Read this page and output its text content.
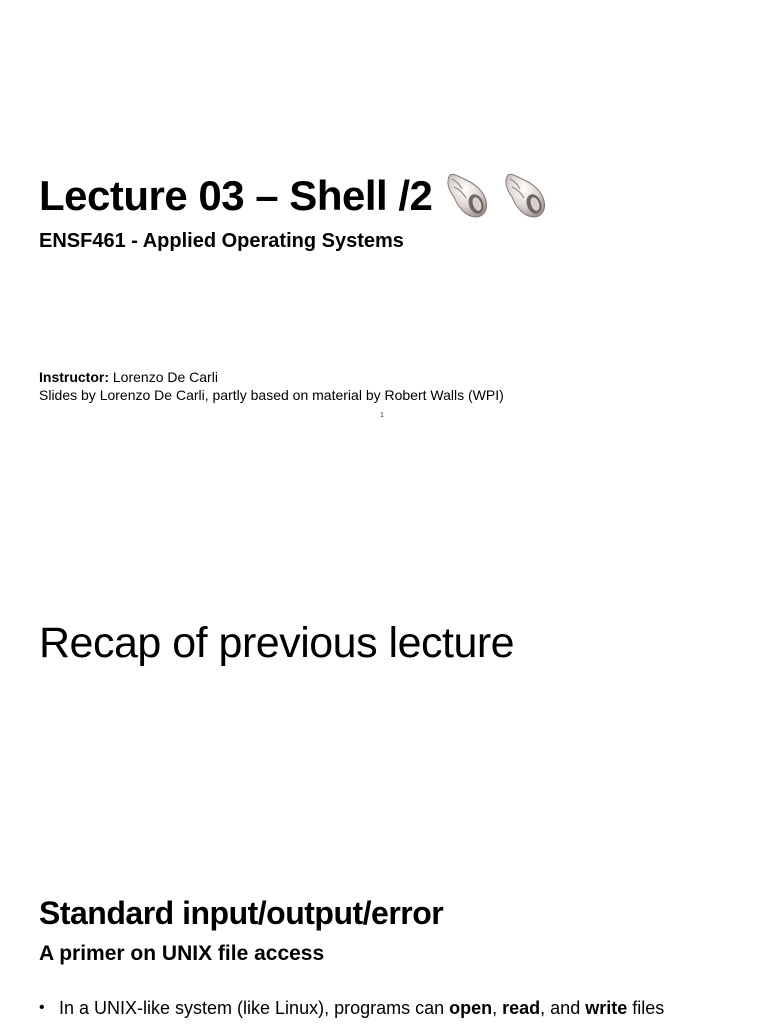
Lecture 03 – Shell /2
ENSF461 - Applied Operating Systems
Instructor: Lorenzo De Carli
Slides by Lorenzo De Carli, partly based on material by Robert Walls (WPI)
1
Recap of previous lecture
Standard input/output/error
A primer on UNIX file access
• In a UNIX-like system (like Linux), programs can open, read, and write files
